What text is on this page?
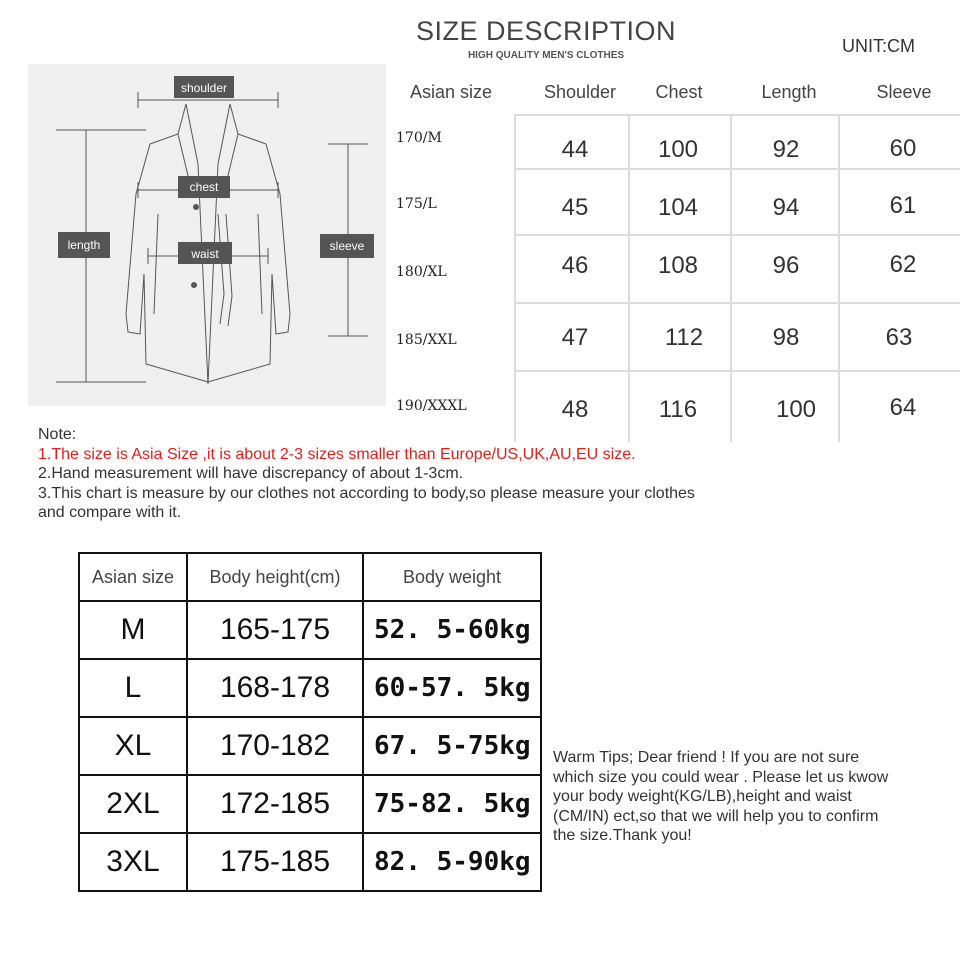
SIZE DESCRIPTION
HIGH QUALITY MEN'S CLOTHES	UNIT:CM
shoulder
chest
waist
length	sleeve
Asian size	Shoulder	Chest	Length	Sleeve
170/M	44	100	92	60
175/L	45	104	94	61
180/XL	46	108	96	62
185/XXL	47	112	98	63
190/XXXL	48	116	100	64
Note:
1.The size is Asia Size ,it is about 2-3 sizes smaller than Europe/US,UK,AU,EU size.
2.Hand measurement will have discrepancy of about 1-3cm.
3.This chart is measure by our clothes not according to body,so please measure your clothes
and compare with it.
Asian size	Body height(cm)	Body weight
M	165-175	52. 5-60kg
L	168-178	60-57. 5kg
XL	170-182	67. 5-75kg
2XL	172-185	75-82. 5kg
3XL	175-185	82. 5-90kg
Warm Tips; Dear friend ! If you are not sure
which size you could wear . Please let us kwow
your body weight(KG/LB),height and waist
(CM/IN) ect,so that we will help you to confirm
the size.Thank you!
